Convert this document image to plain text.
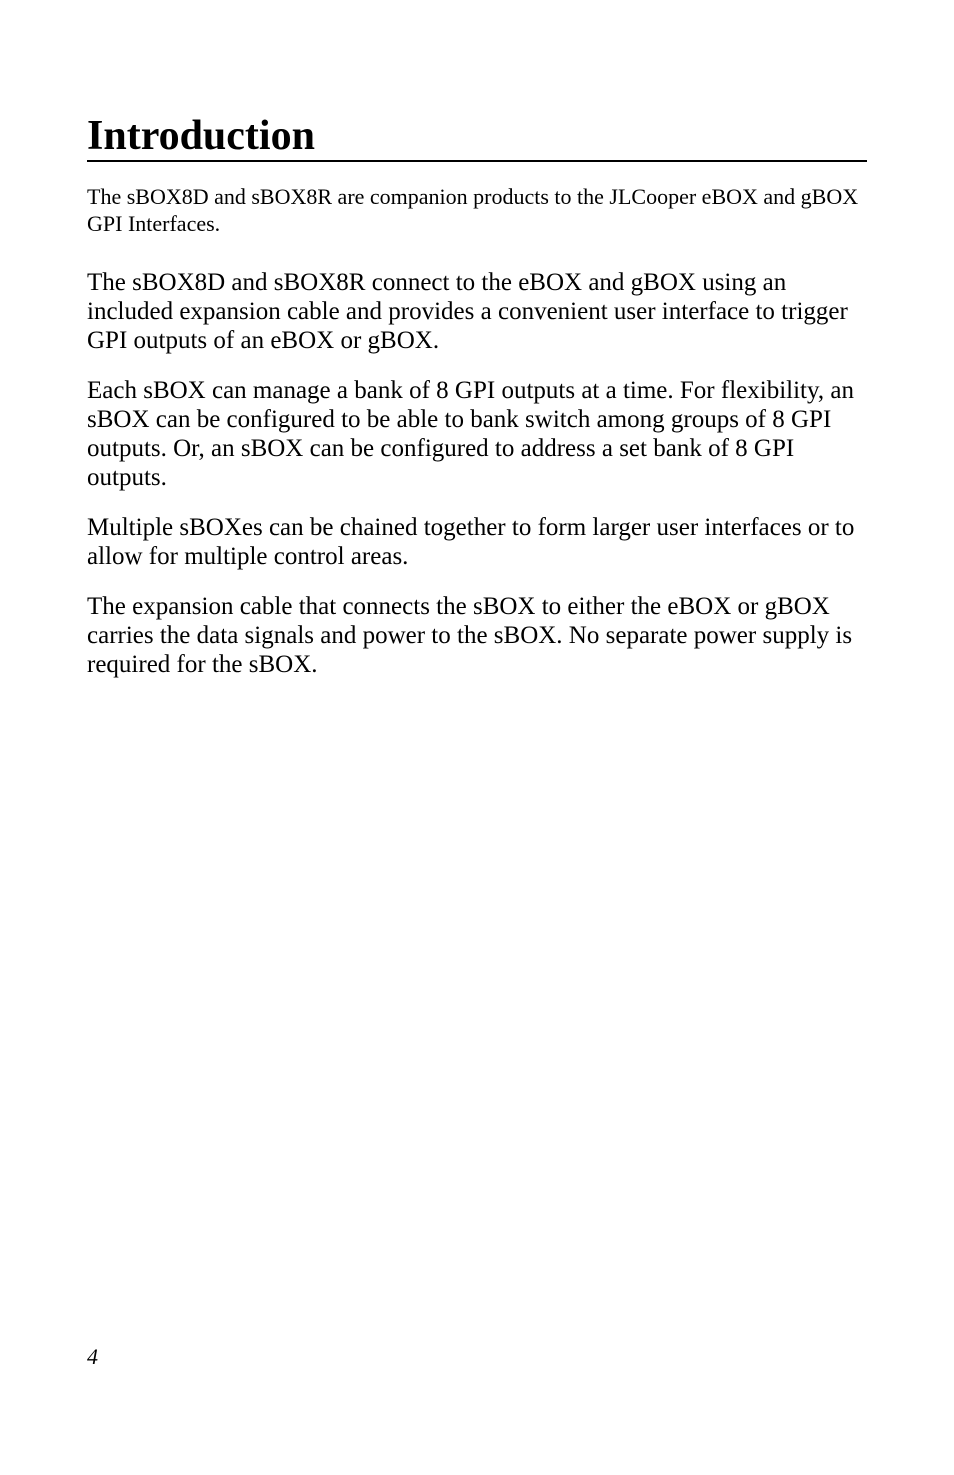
Introduction

The sBOX8D and sBOX8R are companion products to the JLCooper eBOX and gBOX GPI Interfaces.

The sBOX8D and sBOX8R connect to the eBOX and gBOX using an included expansion cable and provides a convenient user interface to trigger GPI outputs of an eBOX or gBOX.

Each sBOX can manage a bank of 8 GPI outputs at a time. For flexibility, an sBOX can be configured to be able to bank switch among groups of 8 GPI outputs. Or, an sBOX can be configured to address a set bank of 8 GPI outputs.

Multiple sBOXes can be chained together to form larger user interfaces or to allow for multiple control areas.

The expansion cable that connects the sBOX to either the eBOX or gBOX carries the data signals and power to the sBOX. No separate power supply is required for the sBOX.

4
